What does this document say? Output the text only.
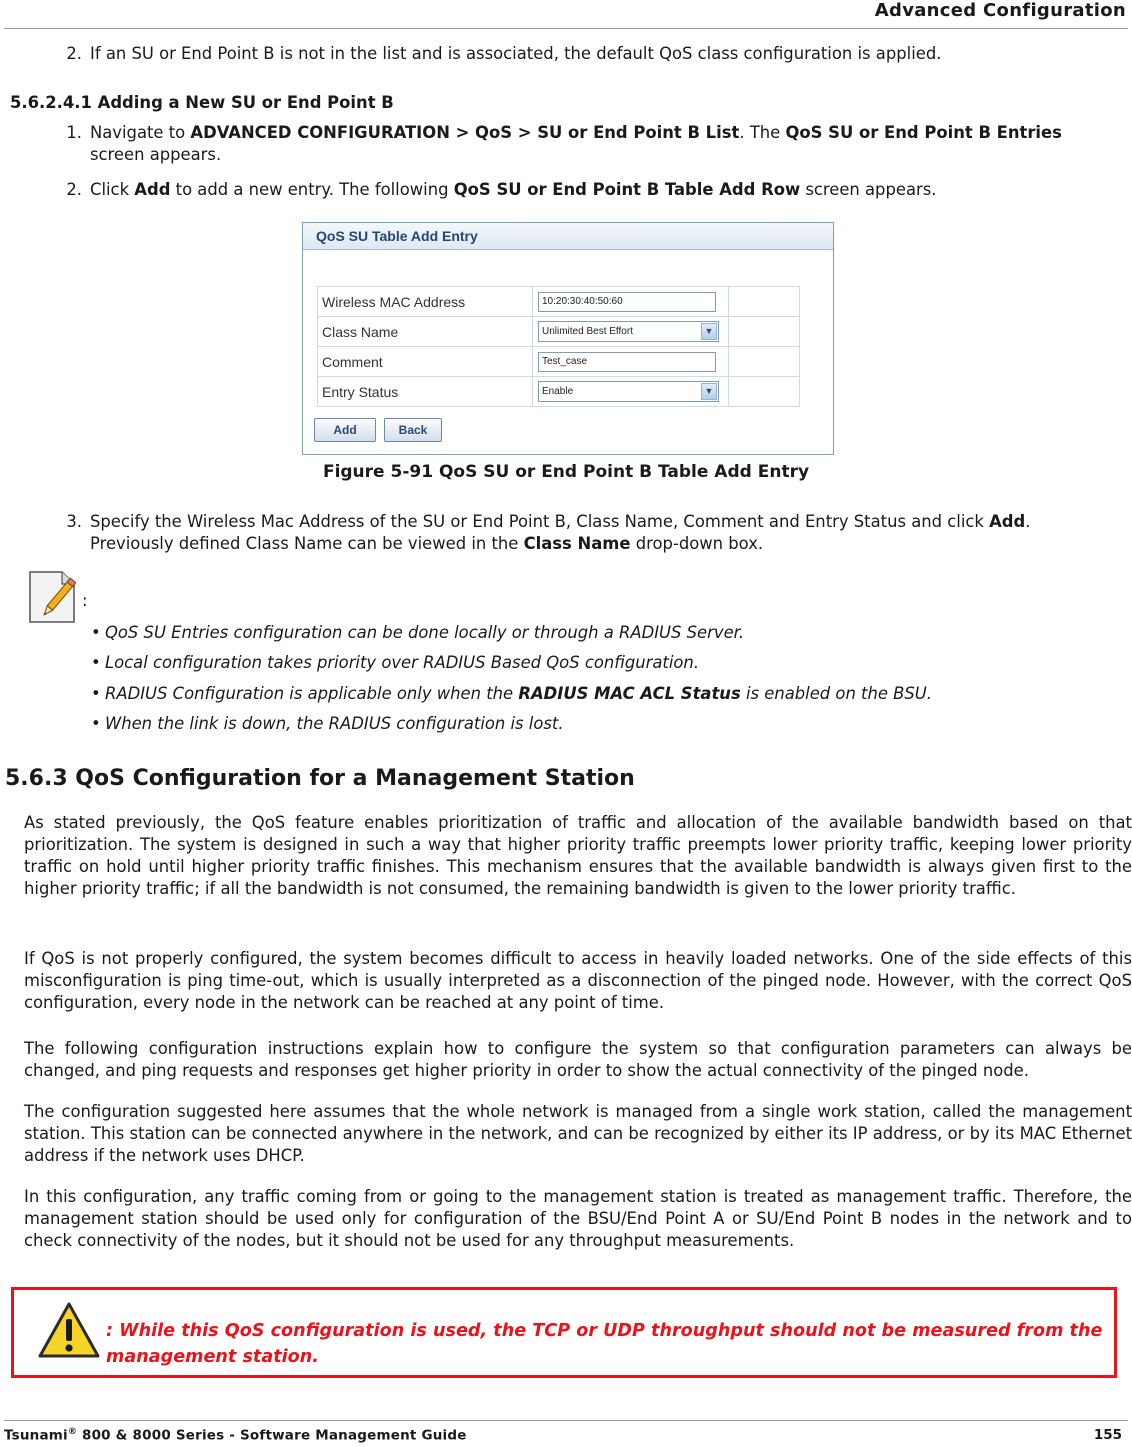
Advanced Configuration
2. If an SU or End Point B is not in the list and is associated, the default QoS class configuration is applied.
5.6.2.4.1 Adding a New SU or End Point B
1. Navigate to ADVANCED CONFIGURATION > QoS > SU or End Point B List. The QoS SU or End Point B Entries
screen appears.
2. Click Add to add a new entry. The following QoS SU or End Point B Table Add Row screen appears.
QoS SU Table Add Entry
Wireless MAC Address	10:20:30:40:50:60	

Class Name	Unlimited Best Effort ▼	

Comment	Test_case	

Entry Status	Enable ▼	

Add	Back
Figure 5-91 QoS SU or End Point B Table Add Entry
3. Specify the Wireless Mac Address of the SU or End Point B, Class Name, Comment and Entry Status and click Add.
Previously defined Class Name can be viewed in the Class Name drop-down box.
:
• QoS SU Entries configuration can be done locally or through a RADIUS Server.
• Local configuration takes priority over RADIUS Based QoS configuration.
• RADIUS Configuration is applicable only when the RADIUS MAC ACL Status is enabled on the BSU.
• When the link is down, the RADIUS configuration is lost.
5.6.3 QoS Configuration for a Management Station
As stated previously, the QoS feature enables prioritization of traffic and allocation of the available bandwidth based on that prioritization. The system is designed in such a way that higher priority traffic preempts lower priority traffic, keeping lower priority traffic on hold until higher priority traffic finishes. This mechanism ensures that the available bandwidth is always given first to the higher priority traffic; if all the bandwidth is not consumed, the remaining bandwidth is given to the lower priority traffic.
If QoS is not properly configured, the system becomes difficult to access in heavily loaded networks. One of the side effects of this misconfiguration is ping time-out, which is usually interpreted as a disconnection of the pinged node. However, with the correct QoS configuration, every node in the network can be reached at any point of time.
The following configuration instructions explain how to configure the system so that configuration parameters can always be changed, and ping requests and responses get higher priority in order to show the actual connectivity of the pinged node.
The configuration suggested here assumes that the whole network is managed from a single work station, called the management station. This station can be connected anywhere in the network, and can be recognized by either its IP address, or by its MAC Ethernet address if the network uses DHCP.
In this configuration, any traffic coming from or going to the management station is treated as management traffic. Therefore, the management station should be used only for configuration of the BSU/End Point A or SU/End Point B nodes in the network and to check connectivity of the nodes, but it should not be used for any throughput measurements.
: While this QoS configuration is used, the TCP or UDP throughput should not be measured from the management station.
Tsunami® 800 & 8000 Series - Software Management Guide	155
